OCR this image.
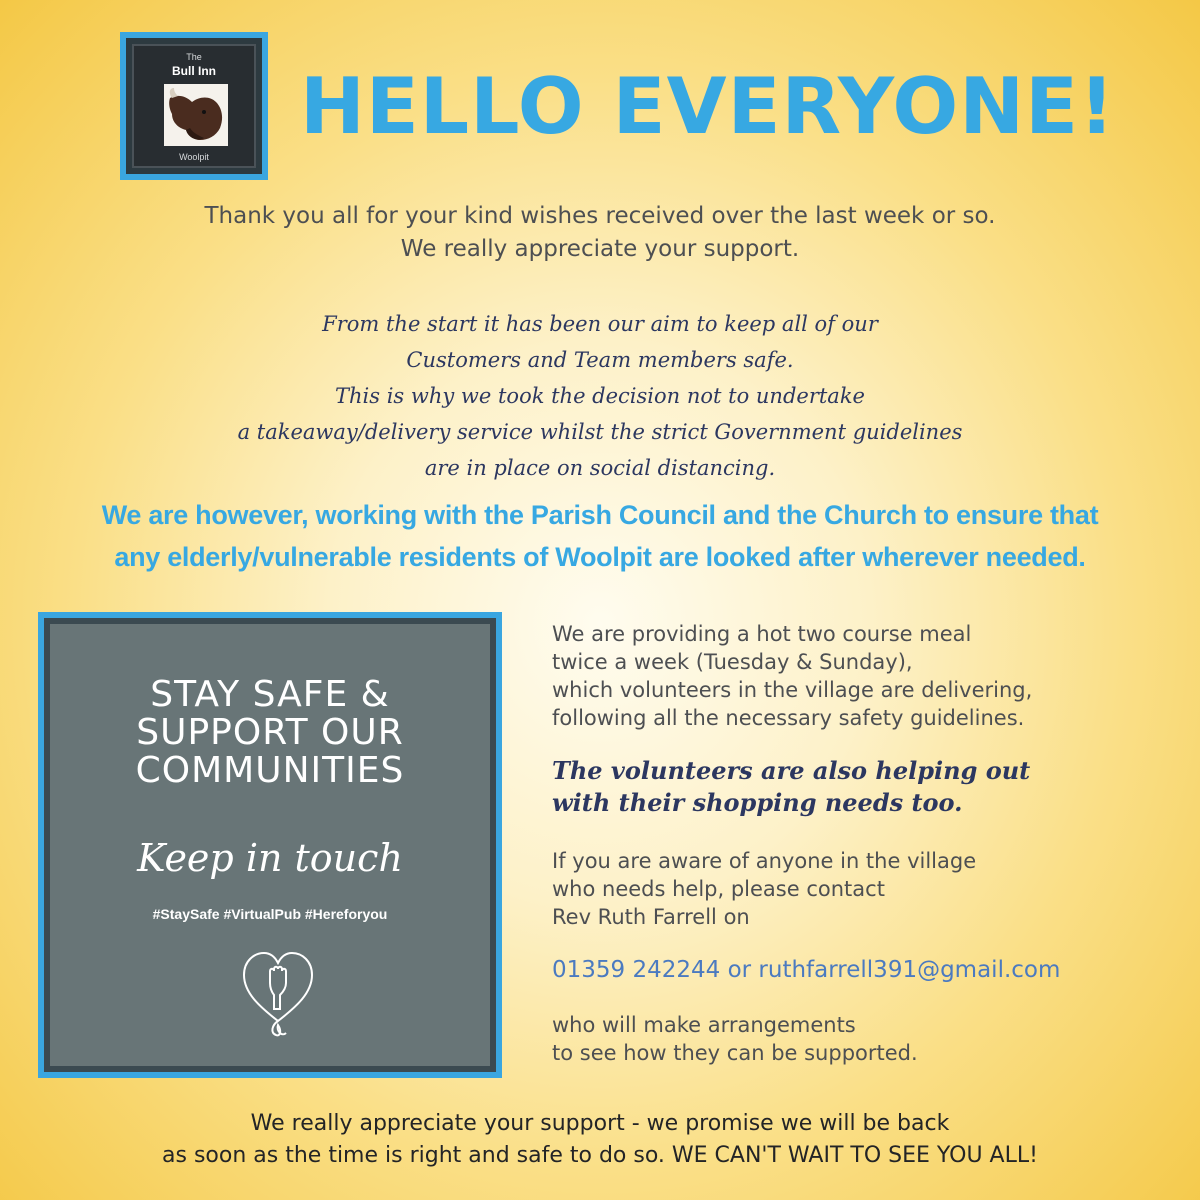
The
Bull Inn
Woolpit
HELLO EVERYONE!
Thank you all for your kind wishes received over the last week or so.
We really appreciate your support.
From the start it has been our aim to keep all of our
Customers and Team members safe.
This is why we took the decision not to undertake
a takeaway/delivery service whilst the strict Government guidelines
are in place on social distancing.
We are however, working with the Parish Council and the Church to ensure that
any elderly/vulnerable residents of Woolpit are looked after wherever needed.
STAY SAFE &
SUPPORT OUR
COMMUNITIES
Keep in touch
#StaySafe #VirtualPub #Hereforyou
We are providing a hot two course meal
twice a week (Tuesday & Sunday),
which volunteers in the village are delivering,
following all the necessary safety guidelines.
The volunteers are also helping out
with their shopping needs too.
If you are aware of anyone in the village
who needs help, please contact
Rev Ruth Farrell on
01359 242244 or ruthfarrell391@gmail.com
who will make arrangements
to see how they can be supported.
We really appreciate your support - we promise we will be back
as soon as the time is right and safe to do so. WE CAN'T WAIT TO SEE YOU ALL!
